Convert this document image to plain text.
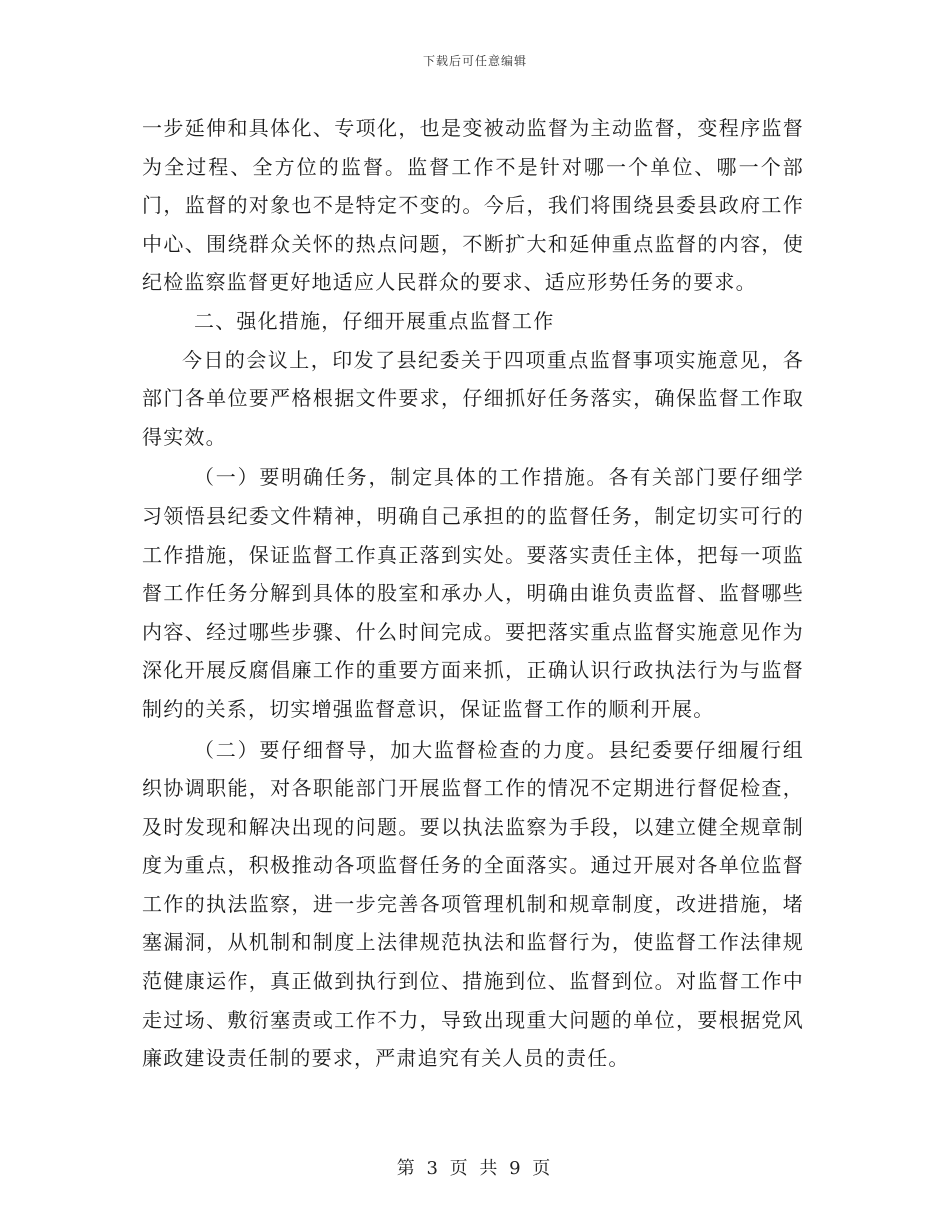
下载后可任意编辑

一步延伸和具体化、专项化，也是变被动监督为主动监督，变程序监督为全过程、全方位的监督。监督工作不是针对哪一个单位、哪一个部门，监督的对象也不是特定不变的。今后，我们将围绕县委县政府工作中心、围绕群众关怀的热点问题，不断扩大和延伸重点监督的内容，使纪检监察监督更好地适应人民群众的要求、适应形势任务的要求。

二、强化措施，仔细开展重点监督工作

今日的会议上，印发了县纪委关于四项重点监督事项实施意见，各部门各单位要严格根据文件要求，仔细抓好任务落实，确保监督工作取得实效。

（一）要明确任务，制定具体的工作措施。各有关部门要仔细学习领悟县纪委文件精神，明确自己承担的的监督任务，制定切实可行的工作措施，保证监督工作真正落到实处。要落实责任主体，把每一项监督工作任务分解到具体的股室和承办人，明确由谁负责监督、监督哪些内容、经过哪些步骤、什么时间完成。要把落实重点监督实施意见作为深化开展反腐倡廉工作的重要方面来抓，正确认识行政执法行为与监督制约的关系，切实增强监督意识，保证监督工作的顺利开展。

（二）要仔细督导，加大监督检查的力度。县纪委要仔细履行组织协调职能，对各职能部门开展监督工作的情况不定期进行督促检查，及时发现和解决出现的问题。要以执法监察为手段，以建立健全规章制度为重点，积极推动各项监督任务的全面落实。通过开展对各单位监督工作的执法监察，进一步完善各项管理机制和规章制度，改进措施，堵塞漏洞，从机制和制度上法律规范执法和监督行为，使监督工作法律规范健康运作，真正做到执行到位、措施到位、监督到位。对监督工作中走过场、敷衍塞责或工作不力，导致出现重大问题的单位，要根据党风廉政建设责任制的要求，严肃追究有关人员的责任。

第 3 页 共 9 页
